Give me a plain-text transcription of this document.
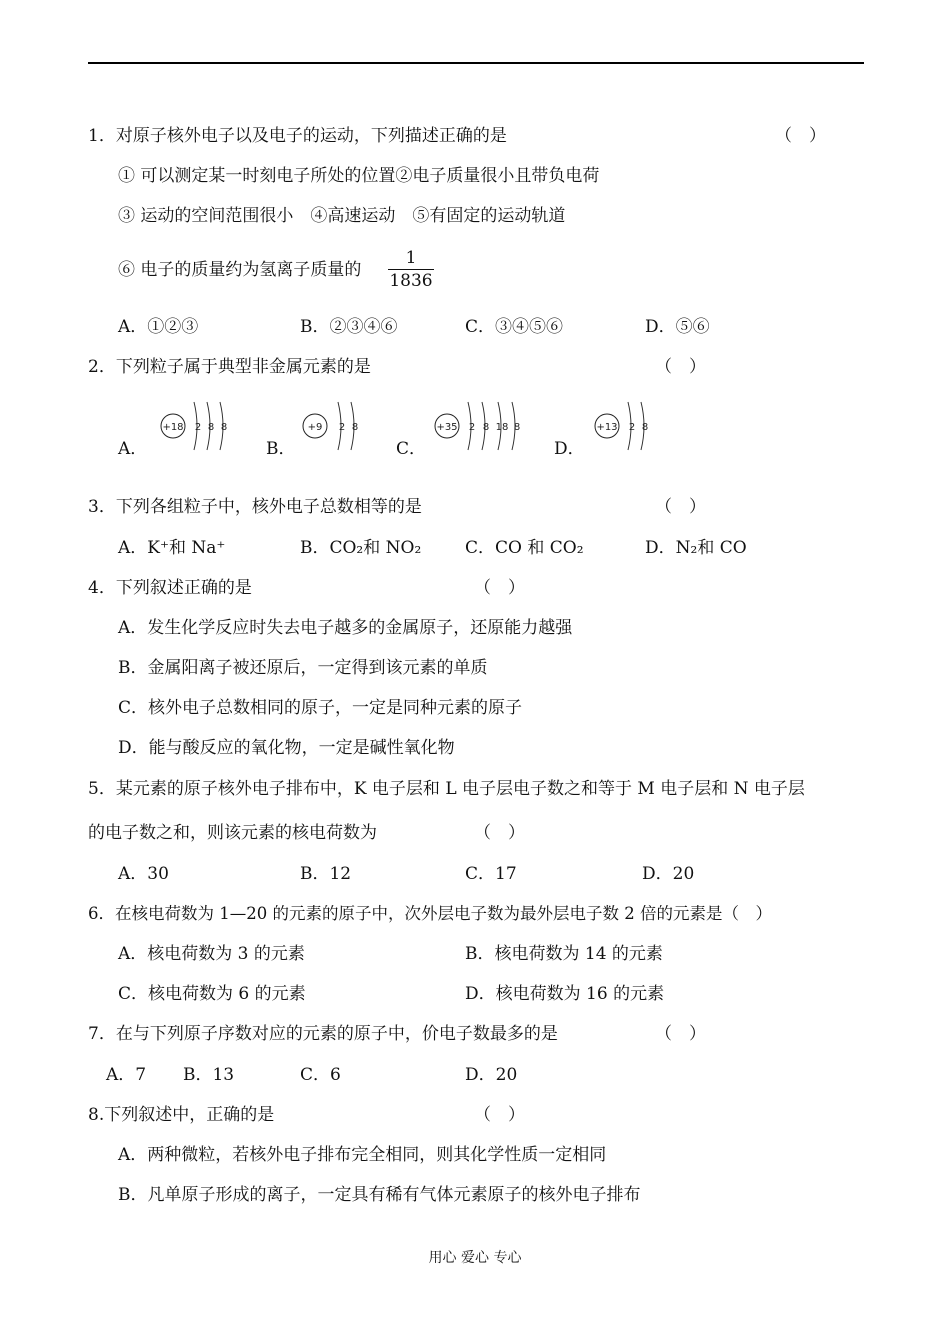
1．对原子核外电子以及电子的运动，下列描述正确的是	（　）
① 可以测定某一时刻电子所处的位置②电子质量很小且带负电荷
③ 运动的空间范围很小　④高速运动　⑤有固定的运动轨道
⑥ 电子的质量约为氢离子质量的 $\frac{1}{1836}$
A．①②③	B．②③④⑥	C．③④⑤⑥	D．⑤⑥
2．下列粒子属于典型非金属元素的是	（　）
A．	B．	C．	D．
+18 2 8 8	+9 2 8	+35 2 8 18 8	+13 2 8
3．下列各组粒子中，核外电子总数相等的是	（　）
A．K⁺和 Na⁺	B．CO₂和 NO₂	C．CO 和 CO₂	D．N₂和 CO
4．下列叙述正确的是	（　）
A．发生化学反应时失去电子越多的金属原子，还原能力越强
B．金属阳离子被还原后，一定得到该元素的单质
C．核外电子总数相同的原子，一定是同种元素的原子
D．能与酸反应的氧化物，一定是碱性氧化物
5．某元素的原子核外电子排布中，K 电子层和 L 电子层电子数之和等于 M 电子层和 N 电子层
的电子数之和，则该元素的核电荷数为	（　）
A．30	B．12	C．17	D．20
6．在核电荷数为 1—20 的元素的原子中，次外层电子数为最外层电子数 2 倍的元素是（　）
A．核电荷数为 3 的元素	B．核电荷数为 14 的元素
C．核电荷数为 6 的元素	D．核电荷数为 16 的元素
7．在与下列原子序数对应的元素的原子中，价电子数最多的是	（　）
A．7 B．13	C．6	D．20
8.下列叙述中，正确的是	（　）
A．两种微粒，若核外电子排布完全相同，则其化学性质一定相同
B．凡单原子形成的离子，一定具有稀有气体元素原子的核外电子排布
用心 爱心 专心
